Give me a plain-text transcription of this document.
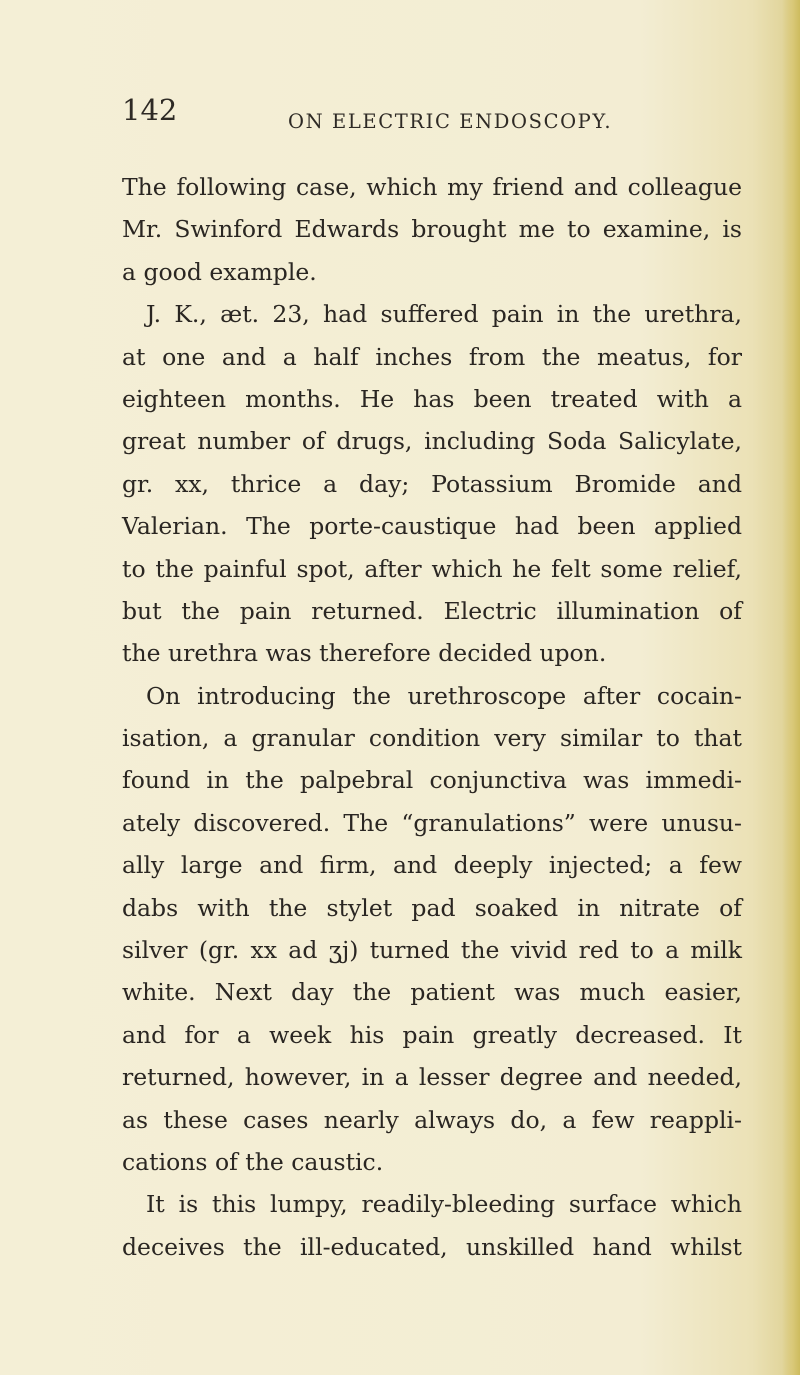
142	ON ELECTRIC ENDOSCOPY.
The following case, which my friend and colleague
Mr. Swinford Edwards brought me to examine, is
a good example.
J. K., æt. 23, had suffered pain in the urethra,
at one and a half inches from the meatus, for
eighteen months. He has been treated with a
great number of drugs, including Soda Salicylate,
gr. xx, thrice a day; Potassium Bromide and
Valerian. The porte-caustique had been applied
to the painful spot, after which he felt some relief,
but the pain returned. Electric illumination of
the urethra was therefore decided upon.
On introducing the urethroscope after cocain-
isation, a granular condition very similar to that
found in the palpebral conjunctiva was immedi-
ately discovered. The “granulations” were unusu-
ally large and firm, and deeply injected; a few
dabs with the stylet pad soaked in nitrate of
silver (gr. xx ad ʒj) turned the vivid red to a milk
white. Next day the patient was much easier,
and for a week his pain greatly decreased. It
returned, however, in a lesser degree and needed,
as these cases nearly always do, a few reappli-
cations of the caustic.
It is this lumpy, readily-bleeding surface which
deceives the ill-educated, unskilled hand whilst
